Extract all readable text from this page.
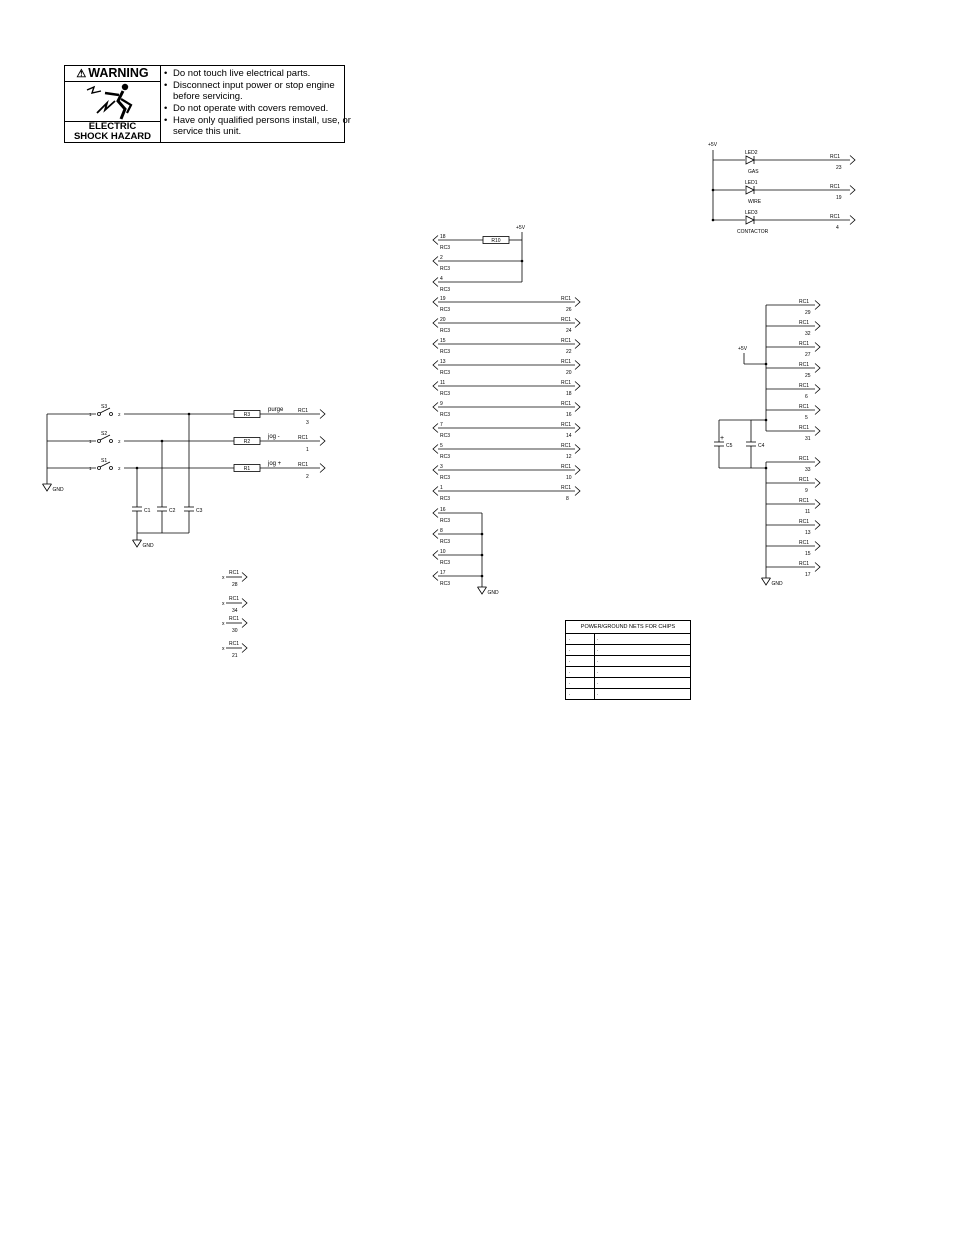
⚠ WARNING
ELECTRIC
SHOCK HAZARD
• Do not touch live electrical parts.
• Disconnect input power or stop engine before servicing.
• Do not operate with covers removed.
• Have only qualified persons install, use, or service this unit.
GND
1
S3
2	R3
purge	RC1
3
1
S2
2	R2
jog -	RC1
1
1
S1
2	R1
jog +	RC1
2
C1	C2	C3
GND
x
RC1
28
x
RC1
34
x
RC1
30
x
RC1
21
+5V
LED2
GAS
RC1
23
LED1
WIRE
RC1
19
LED3
CONTACTOR
RC1
4
+5V
18
RC3
R10
2
RC3
4
RC3
19
RC3
RC1
26
20
RC3
RC1
24
15
RC3
RC1
22
13
RC3
RC1
20
11
RC3
RC1
18
9
RC3
RC1
16
7
RC3
RC1
14
5
RC3
RC1
12
3
RC3
RC1
10
1
RC3
RC1
8
16
RC3
8
RC3
10
RC3
17
RC3
GND
RC1
29
RC1
32
RC1
27
RC1
25
RC1
6
RC1
5
RC1
31
+5V
RC1
33
RC1
9
RC1
11
RC1
13
RC1
15
RC1
17
GND
C5
+
C4
POWER/GROUND NETS FOR CHIPS
.	.
.	.
.	.
.	.
.	.
.	.
